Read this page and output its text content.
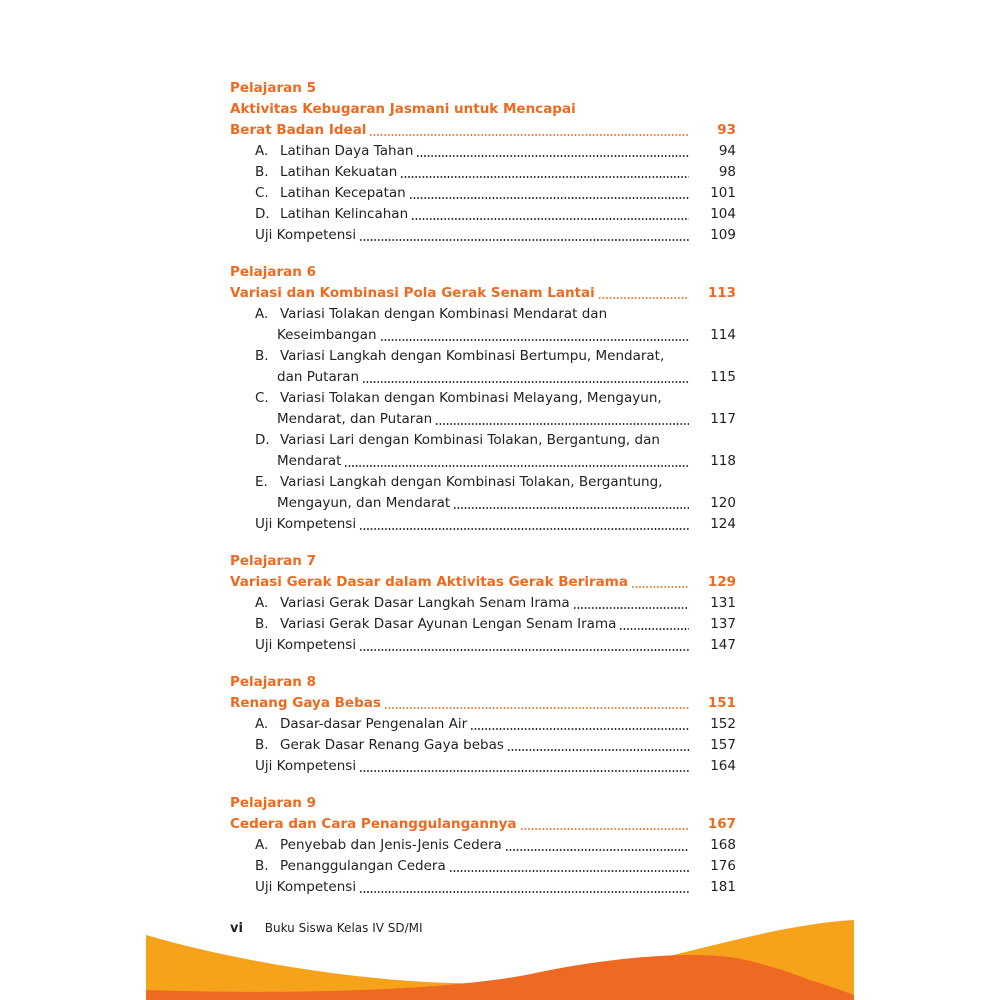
Pelajaran 5
Aktivitas Kebugaran Jasmani untuk Mencapai
Berat Badan Ideal	93
A. Latihan Daya Tahan	94
B. Latihan Kekuatan	98
C. Latihan Kecepatan	101
D. Latihan Kelincahan	104
Uji Kompetensi	109
Pelajaran 6
Variasi dan Kombinasi Pola Gerak Senam Lantai	113
A. Variasi Tolakan dengan Kombinasi Mendarat dan
Keseimbangan	114
B. Variasi Langkah dengan Kombinasi Bertumpu, Mendarat,
dan Putaran	115
C. Variasi Tolakan dengan Kombinasi Melayang, Mengayun,
Mendarat, dan Putaran	117
D. Variasi Lari dengan Kombinasi Tolakan, Bergantung, dan
Mendarat	118
E. Variasi Langkah dengan Kombinasi Tolakan, Bergantung,
Mengayun, dan Mendarat	120
Uji Kompetensi	124
Pelajaran 7
Variasi Gerak Dasar dalam Aktivitas Gerak Berirama	129
A. Variasi Gerak Dasar Langkah Senam Irama	131
B. Variasi Gerak Dasar Ayunan Lengan Senam Irama	137
Uji Kompetensi	147
Pelajaran 8
Renang Gaya Bebas	151
A. Dasar-dasar Pengenalan Air	152
B. Gerak Dasar Renang Gaya bebas	157
Uji Kompetensi	164
Pelajaran 9
Cedera dan Cara Penanggulangannya	167
A. Penyebab dan Jenis-Jenis Cedera	168
B. Penanggulangan Cedera	176
Uji Kompetensi	181
vi Buku Siswa Kelas IV SD/MI
